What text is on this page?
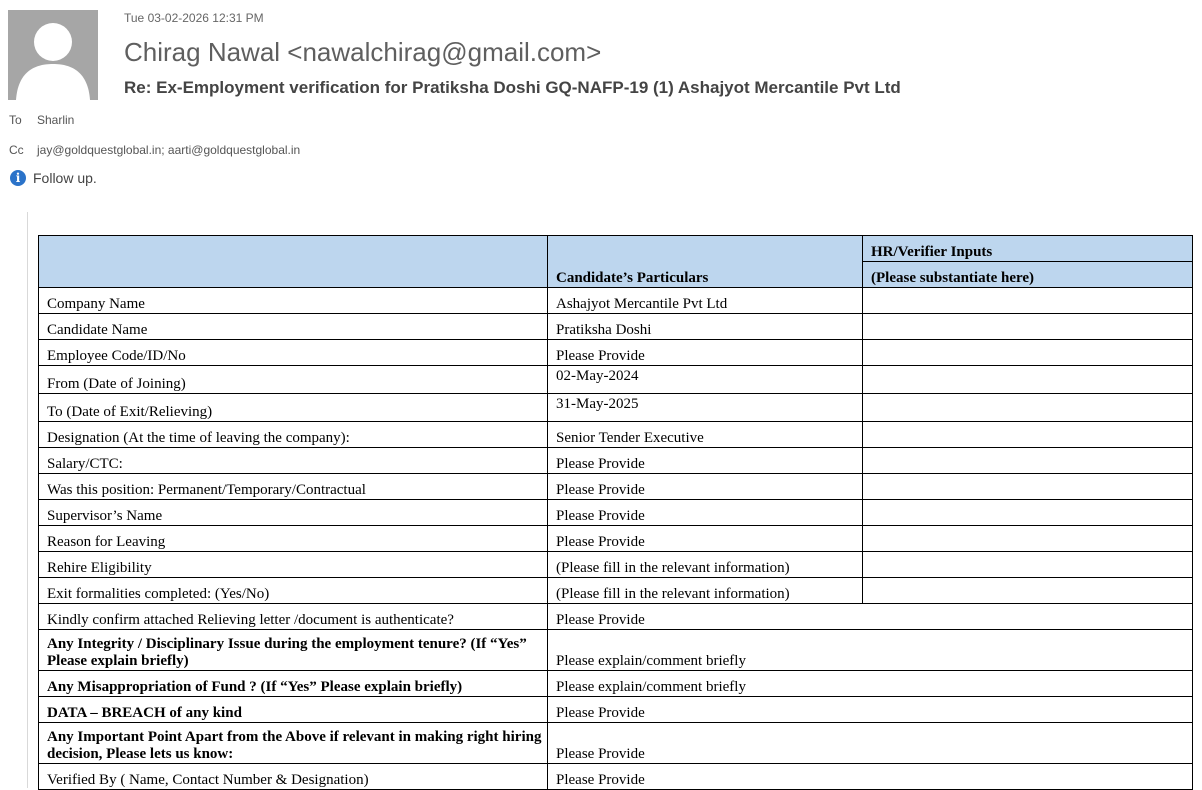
Tue 03-02-2026 12:31 PM
Chirag Nawal <nawalchirag@gmail.com>
Re: Ex-Employment verification for Pratiksha Doshi GQ-NAFP-19 (1) Ashajyot Mercantile Pvt Ltd
To Sharlin
Cc jay@goldquestglobal.in; aarti@goldquestglobal.in
i Follow up.
	Candidate’s Particulars	HR/Verifier Inputs
		(Please substantiate here)
Company Name	Ashajyot Mercantile Pvt Ltd	
Candidate Name	Pratiksha Doshi	
Employee Code/ID/No	Please Provide	
From (Date of Joining)	02-May-2024	
To (Date of Exit/Relieving)	31-May-2025	
Designation (At the time of leaving the company):	Senior Tender Executive	
Salary/CTC:	Please Provide	
Was this position: Permanent/Temporary/Contractual	Please Provide	
Supervisor’s Name	Please Provide	
Reason for Leaving	Please Provide	
Rehire Eligibility	(Please fill in the relevant information)	
Exit formalities completed: (Yes/No)	(Please fill in the relevant information)	
Kindly confirm attached Relieving letter /document is authenticate?	Please Provide	
Any Integrity / Disciplinary Issue during the employment tenure? (If “Yes” Please explain briefly)	Please explain/comment briefly	
Any Misappropriation of Fund ? (If “Yes” Please explain briefly)	Please explain/comment briefly	
DATA – BREACH of any kind	Please Provide	
Any Important Point Apart from the Above if relevant in making right hiring decision, Please lets us know:	Please Provide	
Verified By ( Name, Contact Number & Designation)	Please Provide	
